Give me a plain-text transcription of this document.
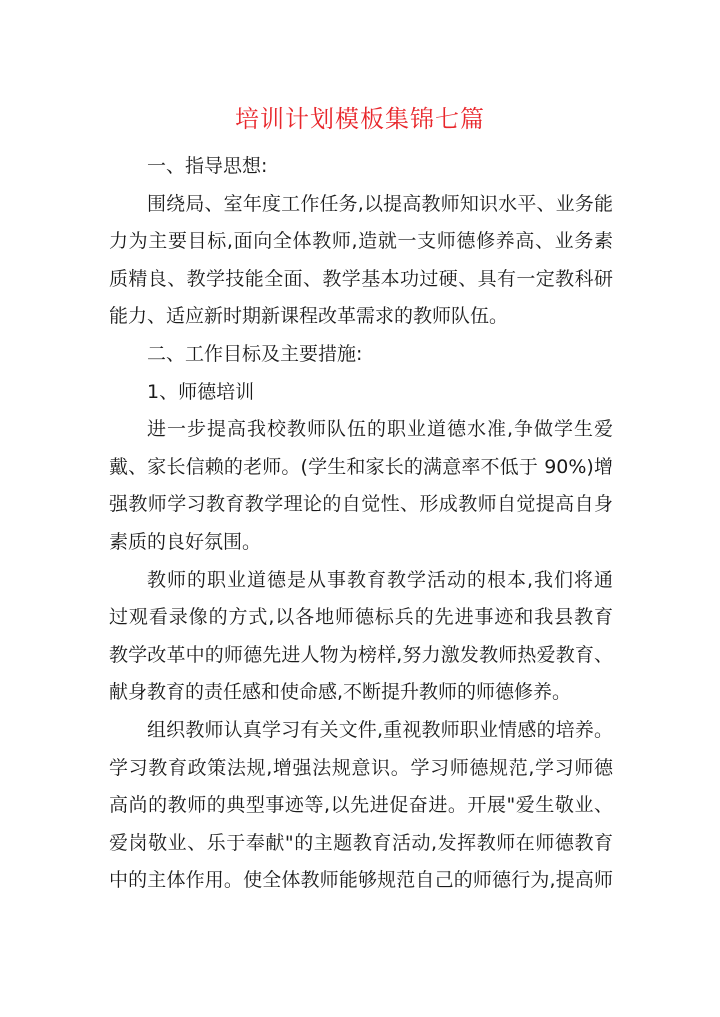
培训计划模板集锦七篇
一、指导思想:
围绕局、室年度工作任务,以提高教师知识水平、业务能
力为主要目标,面向全体教师,造就一支师德修养高、业务素
质精良、教学技能全面、教学基本功过硬、具有一定教科研
能力、适应新时期新课程改革需求的教师队伍。
二、工作目标及主要措施:
1、师德培训
进一步提高我校教师队伍的职业道德水准,争做学生爱
戴、家长信赖的老师。(学生和家长的满意率不低于 90%)增
强教师学习教育教学理论的自觉性、形成教师自觉提高自身
素质的良好氛围。
教师的职业道德是从事教育教学活动的根本,我们将通
过观看录像的方式,以各地师德标兵的先进事迹和我县教育
教学改革中的师德先进人物为榜样,努力激发教师热爱教育、
献身教育的责任感和使命感,不断提升教师的师德修养。
组织教师认真学习有关文件,重视教师职业情感的培养。
学习教育政策法规,增强法规意识。学习师德规范,学习师德
高尚的教师的典型事迹等,以先进促奋进。开展"爱生敬业、
爱岗敬业、乐于奉献"的主题教育活动,发挥教师在师德教育
中的主体作用。使全体教师能够规范自己的师德行为,提高师
